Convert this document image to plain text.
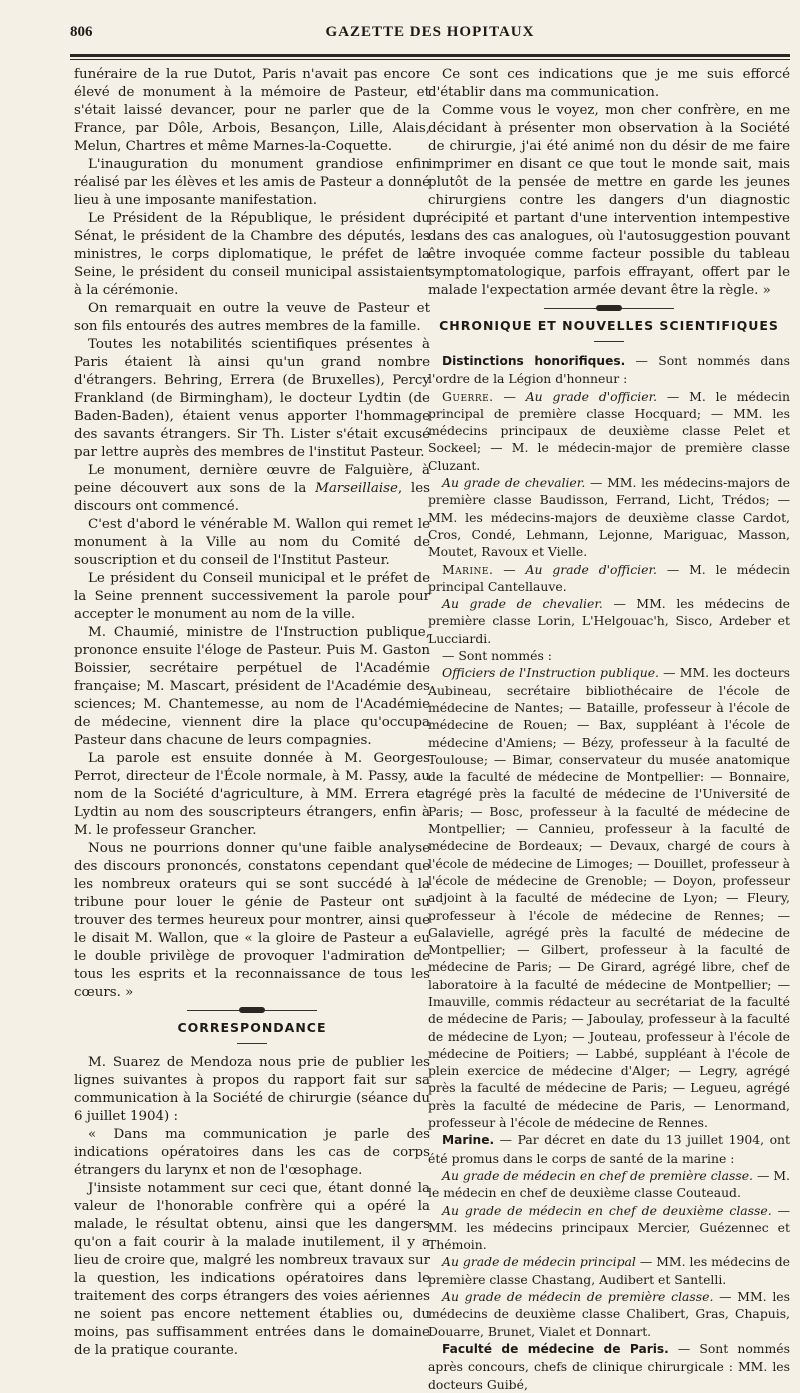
806	GAZETTE DES HOPITAUX

funéraire de la rue Dutot, Paris n'avait pas encore élevé de monument à la mémoire de Pasteur, et s'était laissé devancer, pour ne parler que de la France, par Dôle, Arbois, Besançon, Lille, Alais, Melun, Chartres et même Marnes-la-Coquette.

L'inauguration du monument grandiose enfin réalisé par les élèves et les amis de Pasteur a donné lieu à une imposante manifestation.

Le Président de la République, le président du Sénat, le président de la Chambre des députés, les ministres, le corps diplomatique, le préfet de la Seine, le président du conseil municipal assistaient à la cérémonie.

On remarquait en outre la veuve de Pasteur et son fils entourés des autres membres de la famille.

Toutes les notabilités scientifiques présentes à Paris étaient là ainsi qu'un grand nombre d'étrangers. Behring, Errera (de Bruxelles), Percy Frankland (de Birmingham), le docteur Lydtin (de Baden-Baden), étaient venus apporter l'hommage des savants étrangers. Sir Th. Lister s'était excusé par lettre auprès des membres de l'institut Pasteur.

Le monument, dernière œuvre de Falguière, à peine découvert aux sons de la Marseillaise, les discours ont commencé.

C'est d'abord le vénérable M. Wallon qui remet le monument à la Ville au nom du Comité de souscription et du conseil de l'Institut Pasteur.

Le président du Conseil municipal et le préfet de la Seine prennent successivement la parole pour accepter le monument au nom de la ville.

M. Chaumié, ministre de l'Instruction publique, prononce ensuite l'éloge de Pasteur. Puis M. Gaston Boissier, secrétaire perpétuel de l'Académie française; M. Mascart, président de l'Académie des sciences; M. Chantemesse, au nom de l'Académie de médecine, viennent dire la place qu'occupa Pasteur dans chacune de leurs compagnies.

La parole est ensuite donnée à M. Georges Perrot, directeur de l'École normale, à M. Passy, au nom de la Société d'agriculture, à MM. Errera et Lydtin au nom des souscripteurs étrangers, enfin à M. le professeur Grancher.

Nous ne pourrions donner qu'une faible analyse des discours prononcés, constatons cependant que les nombreux orateurs qui se sont succédé à la tribune pour louer le génie de Pasteur ont su trouver des termes heureux pour montrer, ainsi que le disait M. Wallon, que « la gloire de Pasteur a eu le double privilège de provoquer l'admiration de tous les esprits et la reconnaissance de tous les cœurs. »

CORRESPONDANCE

M. Suarez de Mendoza nous prie de publier les lignes suivantes à propos du rapport fait sur sa communication à la Société de chirurgie (séance du 6 juillet 1904) :

« Dans ma communication je parle des indications opératoires dans les cas de corps étrangers du larynx et non de l'œsophage.

J'insiste notamment sur ceci que, étant donné la valeur de l'honorable confrère qui a opéré la malade, le résultat obtenu, ainsi que les dangers qu'on a fait courir à la malade inutilement, il y a lieu de croire que, malgré les nombreux travaux sur la question, les indications opératoires dans le traitement des corps étrangers des voies aériennes ne soient pas encore nettement établies ou, du moins, pas suffisamment entrées dans le domaine de la pratique courante.

Ce sont ces indications que je me suis efforcé d'établir dans ma communication.

Comme vous le voyez, mon cher confrère, en me décidant à présenter mon observation à la Société de chirurgie, j'ai été animé non du désir de me faire imprimer en disant ce que tout le monde sait, mais plutôt de la pensée de mettre en garde les jeunes chirurgiens contre les dangers d'un diagnostic précipité et partant d'une intervention intempestive dans des cas analogues, où l'autosuggestion pouvant être invoquée comme facteur possible du tableau symptomatologique, parfois effrayant, offert par le malade l'expectation armée devant être la règle. »

CHRONIQUE ET NOUVELLES SCIENTIFIQUES

Distinctions honorifiques. — Sont nommés dans l'ordre de la Légion d'honneur :

Guerre. — Au grade d'officier. — M. le médecin principal de première classe Hocquard; — MM. les médecins principaux de deuxième classe Pelet et Sockeel; — M. le médecin-major de première classe Cluzant.

Au grade de chevalier. — MM. les médecins-majors de première classe Baudisson, Ferrand, Licht, Trédos; — MM. les médecins-majors de deuxième classe Cardot, Cros, Condé, Lehmann, Lejonne, Mariguac, Masson, Moutet, Ravoux et Vielle.

Marine. — Au grade d'officier. — M. le médecin principal Cantellauve.

Au grade de chevalier. — MM. les médecins de première classe Lorin, L'Helgouac'h, Sisco, Ardeber et Lucciardi.

— Sont nommés :

Officiers de l'Instruction publique. — MM. les docteurs Aubineau, secrétaire bibliothécaire de l'école de médecine de Nantes; — Bataille, professeur à l'école de médecine de Rouen; — Bax, suppléant à l'école de médecine d'Amiens; — Bézy, professeur à la faculté de Toulouse; — Bimar, conservateur du musée anatomique de la faculté de médecine de Montpellier: — Bonnaire, agrégé près la faculté de médecine de l'Université de Paris; — Bosc, professeur à la faculté de médecine de Montpellier; — Cannieu, professeur à la faculté de médecine de Bordeaux; — Devaux, chargé de cours à l'école de médecine de Limoges; — Douillet, professeur à l'école de médecine de Grenoble; — Doyon, professeur adjoint à la faculté de médecine de Lyon; — Fleury, professeur à l'école de médecine de Rennes; — Galavielle, agrégé près la faculté de médecine de Montpellier; — Gilbert, professeur à la faculté de médecine de Paris; — De Girard, agrégé libre, chef de laboratoire à la faculté de médecine de Montpellier; — Imauville, commis rédacteur au secrétariat de la faculté de médecine de Paris; — Jaboulay, professeur à la faculté de médecine de Lyon; — Jouteau, professeur à l'école de médecine de Poitiers; — Labbé, suppléant à l'école de plein exercice de médecine d'Alger; — Legry, agrégé près la faculté de médecine de Paris; — Legueu, agrégé près la faculté de médecine de Paris, — Lenormand, professeur à l'école de médecine de Rennes.

Marine. — Par décret en date du 13 juillet 1904, ont été promus dans le corps de santé de la marine :

Au grade de médecin en chef de première classe. — M. le médecin en chef de deuxième classe Couteaud.

Au grade de médecin en chef de deuxième classe. — MM. les médecins principaux Mercier, Guézennec et Thémoin.

Au grade de médecin principal — MM. les médecins de première classe Chastang, Audibert et Santelli.

Au grade de médecin de première classe. — MM. les médecins de deuxième classe Chalibert, Gras, Chapuis, Douarre, Brunet, Vialet et Donnart.

Faculté de médecine de Paris. — Sont nommés après concours, chefs de clinique chirurgicale : MM. les docteurs Guibé,
